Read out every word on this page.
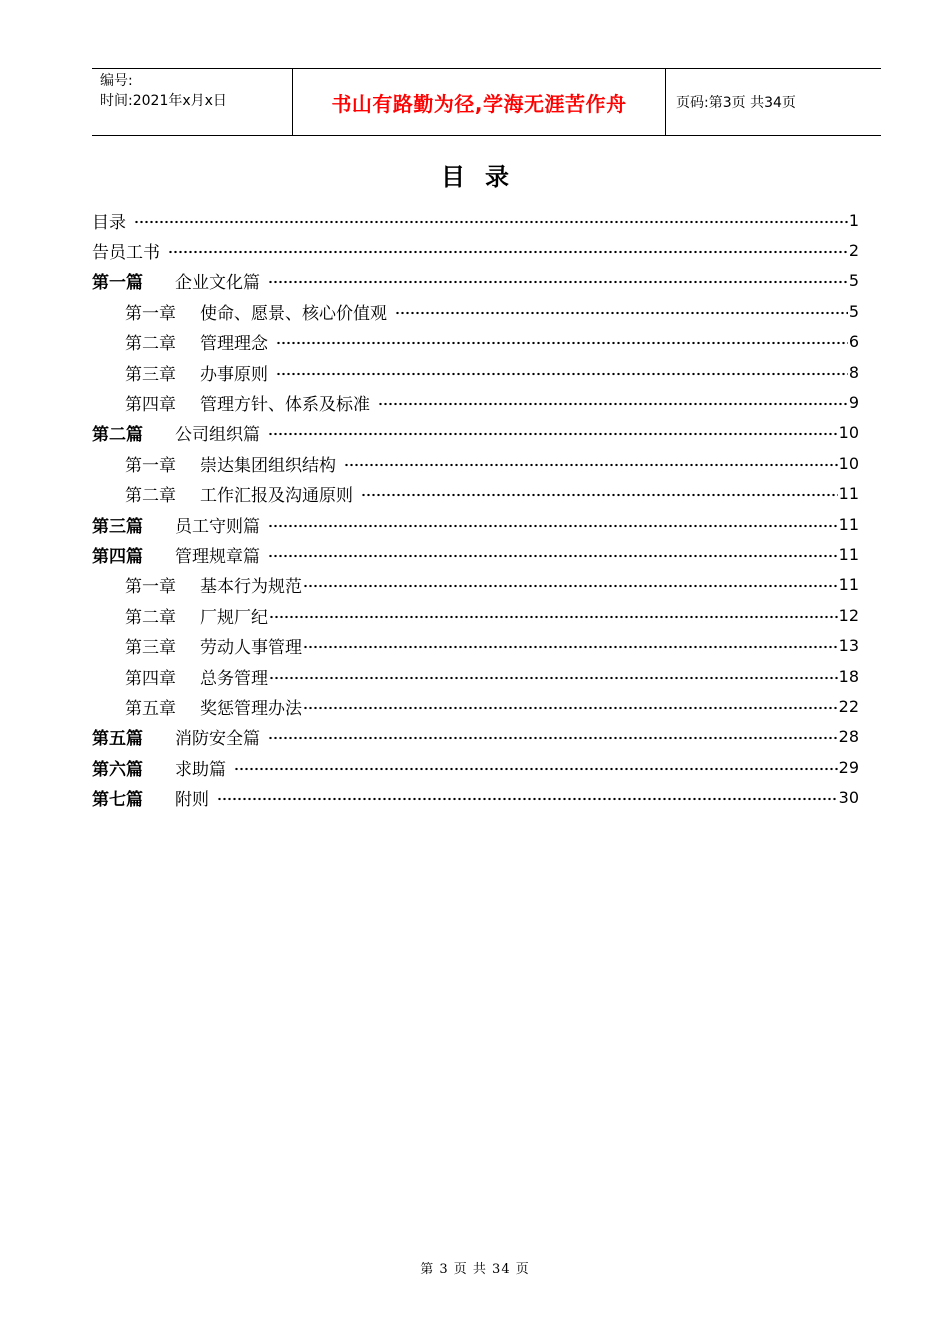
编号:
时间:2021年x月x日	书山有路勤为径,学海无涯苦作舟	页码:第3页 共34页
目录
目录	1
告员工书	2
第一篇 企业文化篇	5
第一章 使命、愿景、核心价值观	5
第二章 管理理念	6
第三章 办事原则	8
第四章 管理方针、体系及标准	9
第二篇 公司组织篇	10
第一章 崇达集团组织结构	10
第二章 工作汇报及沟通原则	11
第三篇 员工守则篇	11
第四篇 管理规章篇	11
第一章 基本行为规范	11
第二章 厂规厂纪	12
第三章 劳动人事管理	13
第四章 总务管理	18
第五章 奖惩管理办法	22
第五篇 消防安全篇	28
第六篇 求助篇	29
第七篇 附则	30
第 3 页 共 34 页
